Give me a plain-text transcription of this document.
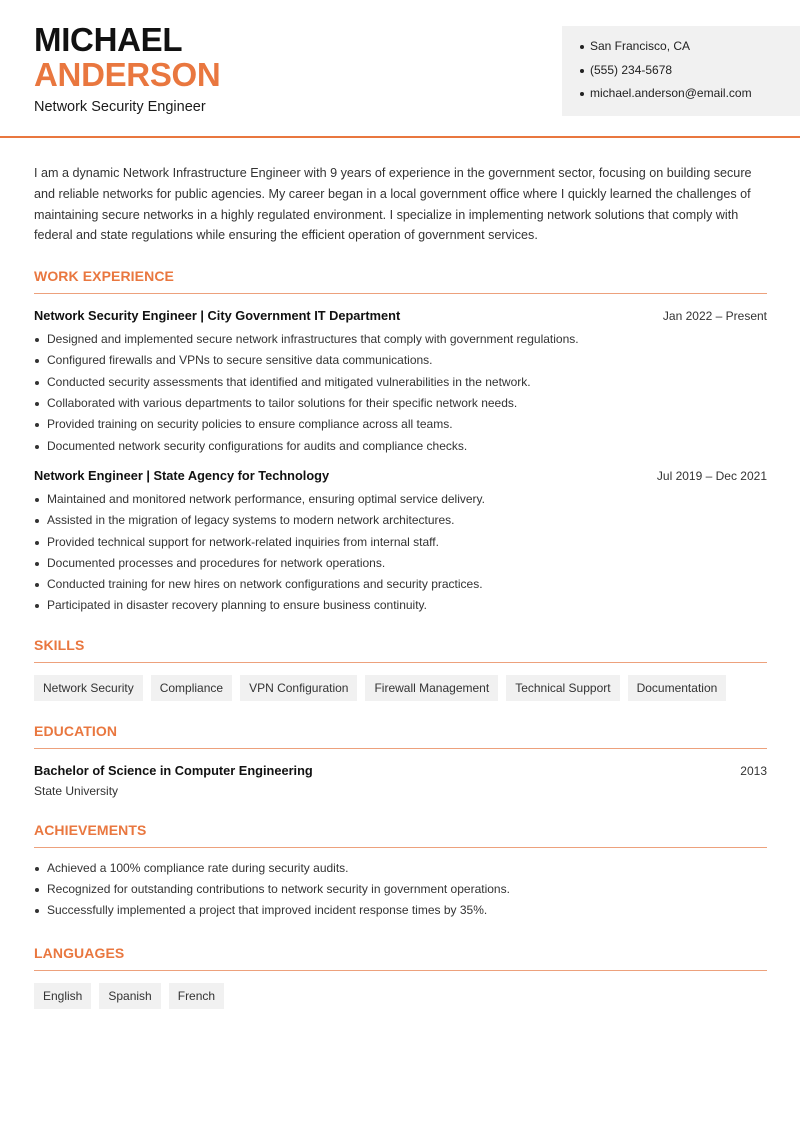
MICHAEL
ANDERSON
Network Security Engineer
San Francisco, CA
(555) 234-5678
michael.anderson@email.com

I am a dynamic Network Infrastructure Engineer with 9 years of experience in the government sector, focusing on building secure and reliable networks for public agencies. My career began in a local government office where I quickly learned the challenges of maintaining secure networks in a highly regulated environment. I specialize in implementing network solutions that comply with federal and state regulations while ensuring the efficient operation of government services.

WORK EXPERIENCE
Network Security Engineer | City Government IT Department	Jan 2022 – Present
Designed and implemented secure network infrastructures that comply with government regulations.
Configured firewalls and VPNs to secure sensitive data communications.
Conducted security assessments that identified and mitigated vulnerabilities in the network.
Collaborated with various departments to tailor solutions for their specific network needs.
Provided training on security policies to ensure compliance across all teams.
Documented network security configurations for audits and compliance checks.
Network Engineer | State Agency for Technology	Jul 2019 – Dec 2021
Maintained and monitored network performance, ensuring optimal service delivery.
Assisted in the migration of legacy systems to modern network architectures.
Provided technical support for network-related inquiries from internal staff.
Documented processes and procedures for network operations.
Conducted training for new hires on network configurations and security practices.
Participated in disaster recovery planning to ensure business continuity.
SKILLS
Network Security	Compliance	VPN Configuration	Firewall Management	Technical Support	Documentation
EDUCATION
Bachelor of Science in Computer Engineering	2013
State University
ACHIEVEMENTS
Achieved a 100% compliance rate during security audits.
Recognized for outstanding contributions to network security in government operations.
Successfully implemented a project that improved incident response times by 35%.
LANGUAGES
English	Spanish	French
